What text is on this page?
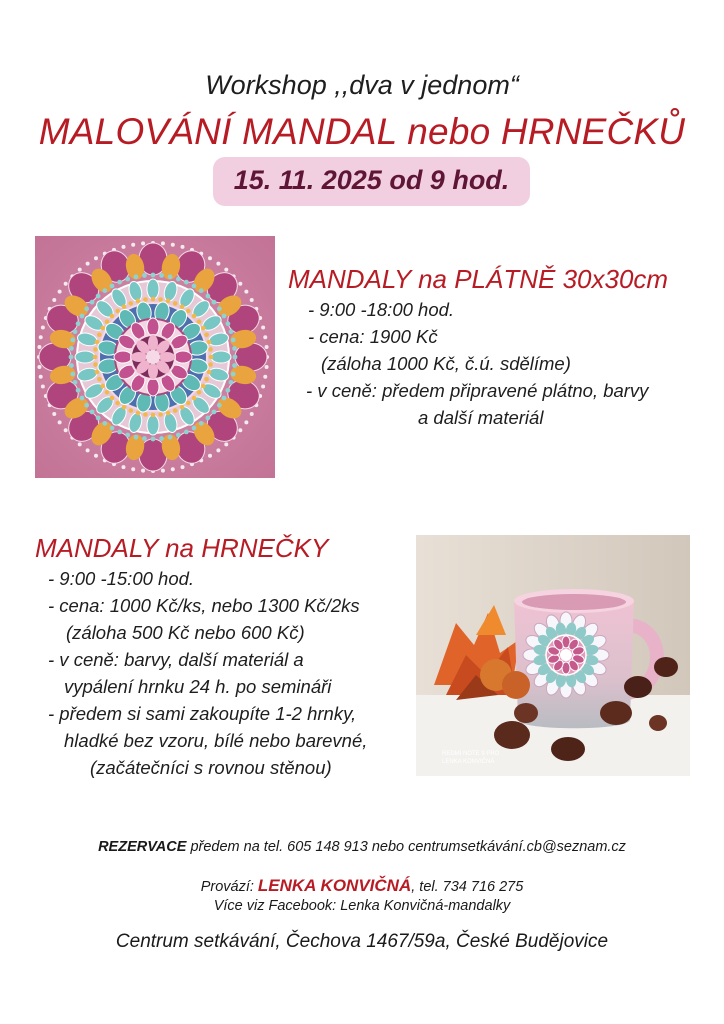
Workshop ,,dva v jednom“
MALOVÁNÍ MANDAL nebo HRNEČKŮ
15. 11. 2025 od 9 hod.
MANDALY na PLÁTNĚ 30x30cm
- 9:00 -18:00 hod.
- cena: 1900 Kč
(záloha 1000 Kč, č.ú. sdělíme)
- v ceně: předem připravené plátno, barvy
a další materiál
MANDALY na HRNEČKY
- 9:00 -15:00 hod.
- cena: 1000 Kč/ks, nebo 1300 Kč/2ks
(záloha 500 Kč nebo 600 Kč)
- v ceně: barvy, další materiál a
vypálení hrnku 24 h. po semináři
- předem si sami zakoupíte 1-2 hrnky,
hladké bez vzoru, bílé nebo barevné,
(začátečníci s rovnou stěnou)
REDMI NOTE 9 PRO
LENKA KONVIČNÁ
REZERVACE předem na tel. 605 148 913 nebo centrumsetkávání.cb@seznam.cz
Provází: LENKA KONVIČNÁ, tel. 734 716 275
Více viz Facebook: Lenka Konvičná-mandalky
Centrum setkávání, Čechova 1467/59a, České Budějovice
